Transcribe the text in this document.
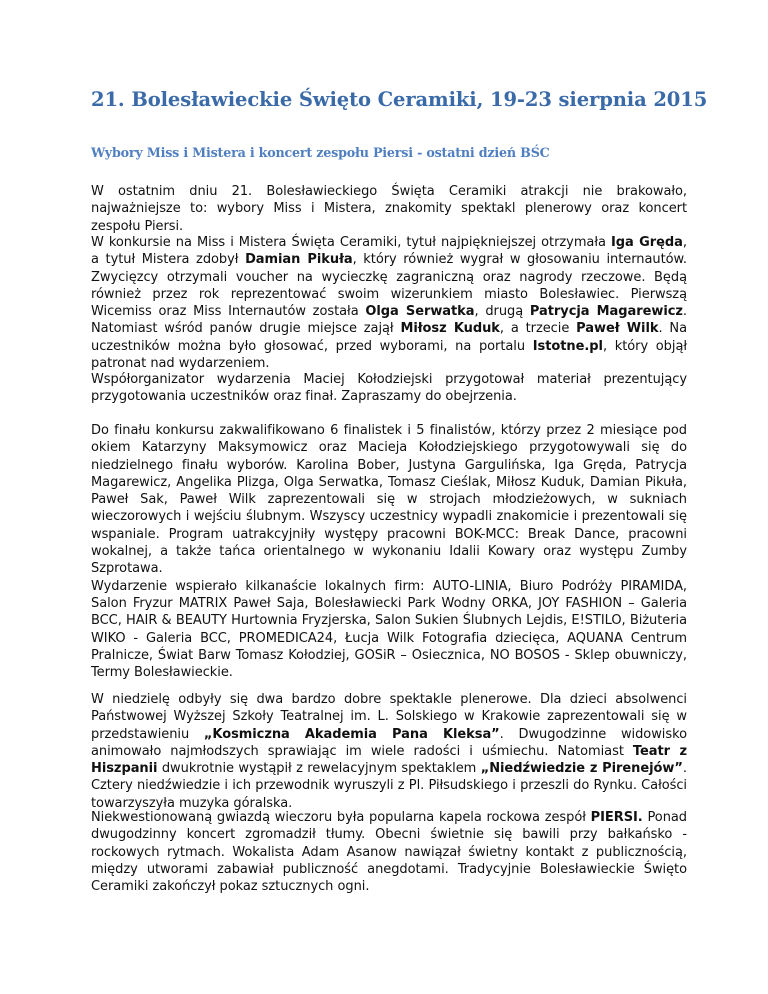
21. Bolesławieckie Święto Ceramiki, 19-23 sierpnia 2015
Wybory Miss i Mistera i koncert zespołu Piersi - ostatni dzień BŚC

W ostatnim dniu 21. Bolesławieckiego Święta Ceramiki atrakcji nie brakowało, najważniejsze to: wybory Miss i Mistera, znakomity spektakl plenerowy oraz koncert zespołu Piersi.

W konkursie na Miss i Mistera Święta Ceramiki, tytuł najpiękniejszej otrzymała Iga Gręda, a tytuł Mistera zdobył Damian Pikuła, który również wygrał w głosowaniu internautów. Zwycięzcy otrzymali voucher na wycieczkę zagraniczną oraz nagrody rzeczowe. Będą również przez rok reprezentować swoim wizerunkiem miasto Bolesławiec. Pierwszą Wicemiss oraz Miss Internautów została Olga Serwatka, drugą Patrycja Magarewicz. Natomiast wśród panów drugie miejsce zajął Miłosz Kuduk, a trzecie Paweł Wilk. Na uczestników można było głosować, przed wyborami, na portalu Istotne.pl, który objął patronat nad wydarzeniem.

Współorganizator wydarzenia Maciej Kołodziejski przygotował materiał prezentujący przygotowania uczestników oraz finał. Zapraszamy do obejrzenia.

Do finału konkursu zakwalifikowano 6 finalistek i 5 finalistów, którzy przez 2 miesiące pod okiem Katarzyny Maksymowicz oraz Macieja Kołodziejskiego przygotowywali się do niedzielnego finału wyborów. Karolina Bober, Justyna Gargulińska, Iga Gręda, Patrycja Magarewicz, Angelika Plizga, Olga Serwatka, Tomasz Cieślak, Miłosz Kuduk, Damian Pikuła, Paweł Sak, Paweł Wilk zaprezentowali się w strojach młodzieżowych, w sukniach wieczorowych i wejściu ślubnym. Wszyscy uczestnicy wypadli znakomicie i prezentowali się wspaniale. Program uatrakcyjniły występy pracowni BOK-MCC: Break Dance, pracowni wokalnej, a także tańca orientalnego w wykonaniu Idalii Kowary oraz występu Zumby Szprotawa.
Wydarzenie wspierało kilkanaście lokalnych firm: AUTO-LINIA, Biuro Podróży PIRAMIDA, Salon Fryzur MATRIX Paweł Saja, Bolesławiecki Park Wodny ORKA, JOY FASHION – Galeria BCC, HAIR & BEAUTY Hurtownia Fryzjerska, Salon Sukien Ślubnych Lejdis, E!STILO, Biżuteria WIKO - Galeria BCC, PROMEDICA24, Łucja Wilk Fotografia dziecięca, AQUANA Centrum Pralnicze, Świat Barw Tomasz Kołodziej, GOSiR – Osiecznica, NO BOSOS - Sklep obuwniczy, Termy Bolesławieckie.

W niedzielę odbyły się dwa bardzo dobre spektakle plenerowe. Dla dzieci absolwenci Państwowej Wyższej Szkoły Teatralnej im. L. Solskiego w Krakowie zaprezentowali się w przedstawieniu „Kosmiczna Akademia Pana Kleksa”. Dwugodzinne widowisko animowało najmłodszych sprawiając im wiele radości i uśmiechu. Natomiast Teatr z Hiszpanii dwukrotnie wystąpił z rewelacyjnym spektaklem „Niedźwiedzie z Pirenejów”. Cztery niedźwiedzie i ich przewodnik wyruszyli z Pl. Piłsudskiego i przeszli do Rynku. Całości towarzyszyła muzyka góralska.

Niekwestionowaną gwiazdą wieczoru była popularna kapela rockowa zespół PIERSI. Ponad dwugodzinny koncert zgromadził tłumy. Obecni świetnie się bawili przy bałkańsko - rockowych rytmach. Wokalista Adam Asanow nawiązał świetny kontakt z publicznością, między utworami zabawiał publiczność anegdotami. Tradycyjnie Bolesławieckie Święto Ceramiki zakończył pokaz sztucznych ogni.
